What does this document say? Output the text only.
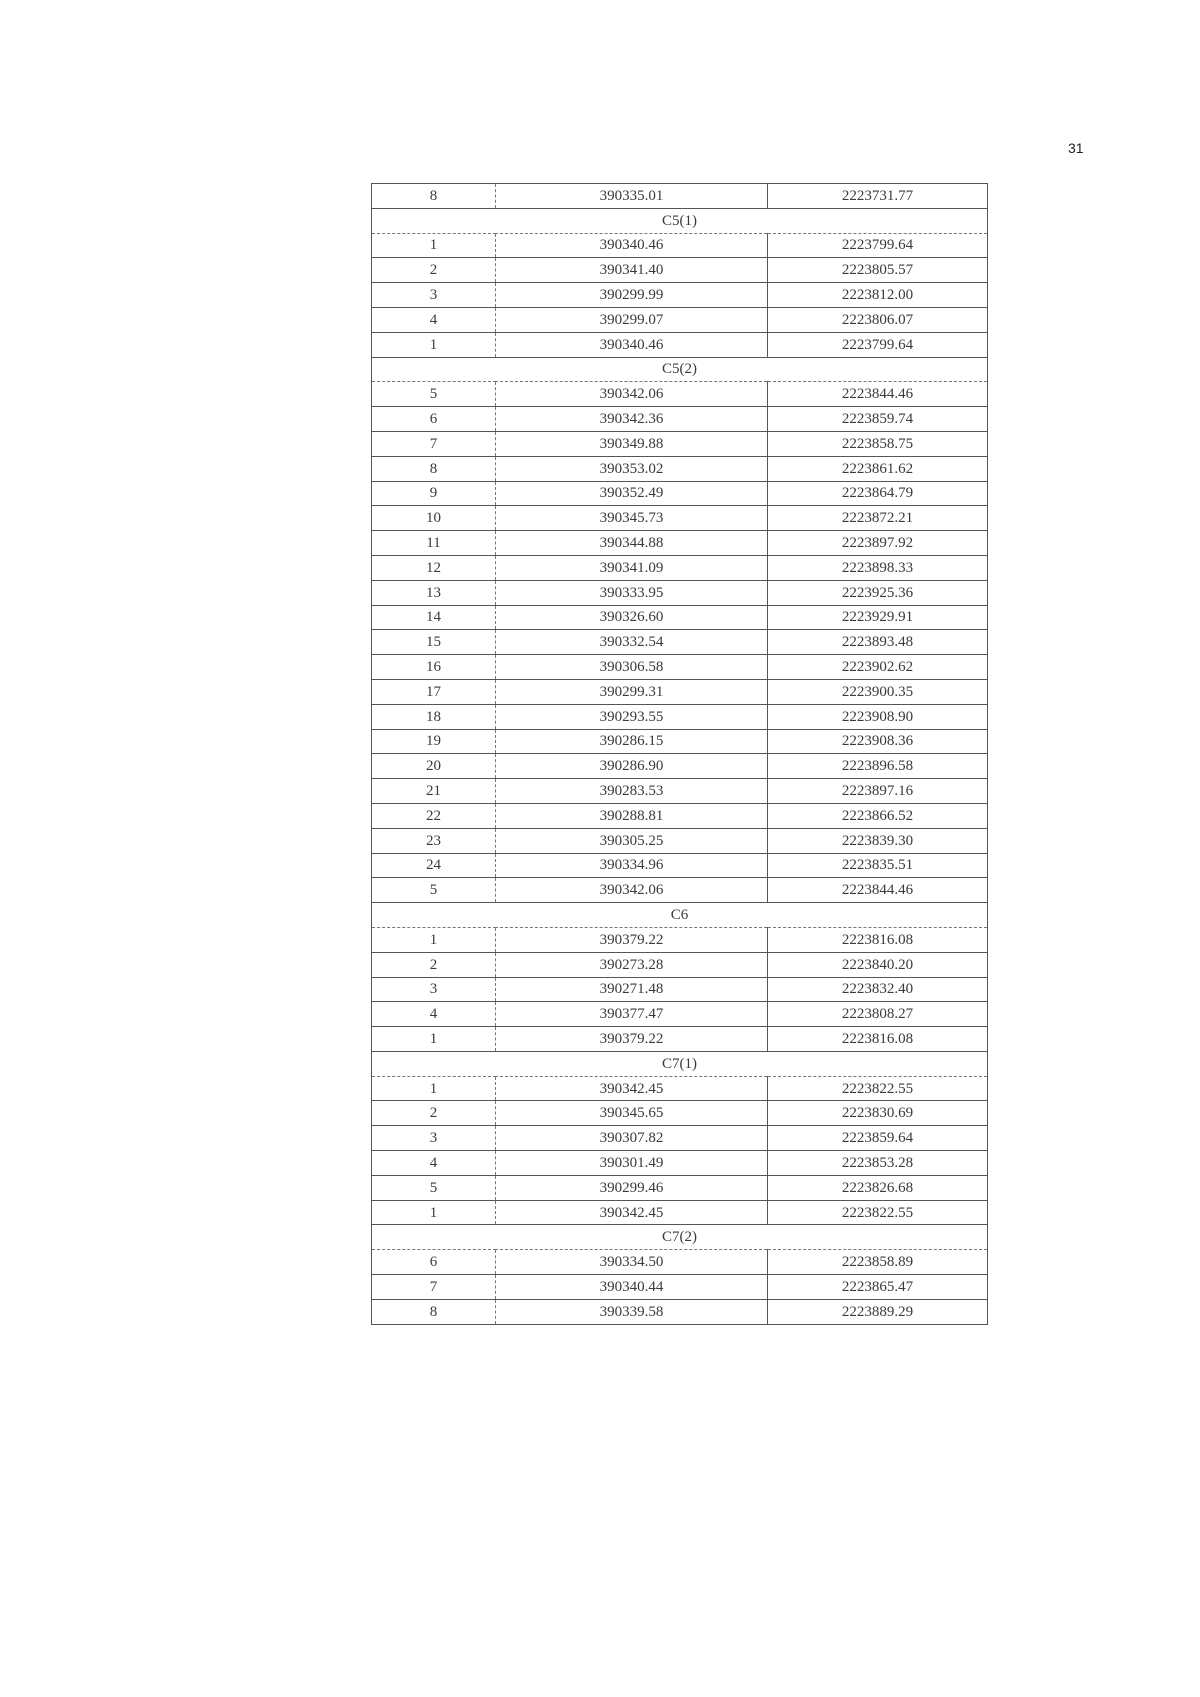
31
8	390335.01	2223731.77
C5(1)		
1	390340.46	2223799.64
2	390341.40	2223805.57
3	390299.99	2223812.00
4	390299.07	2223806.07
1	390340.46	2223799.64
C5(2)		
5	390342.06	2223844.46
6	390342.36	2223859.74
7	390349.88	2223858.75
8	390353.02	2223861.62
9	390352.49	2223864.79
10	390345.73	2223872.21
11	390344.88	2223897.92
12	390341.09	2223898.33
13	390333.95	2223925.36
14	390326.60	2223929.91
15	390332.54	2223893.48
16	390306.58	2223902.62
17	390299.31	2223900.35
18	390293.55	2223908.90
19	390286.15	2223908.36
20	390286.90	2223896.58
21	390283.53	2223897.16
22	390288.81	2223866.52
23	390305.25	2223839.30
24	390334.96	2223835.51
5	390342.06	2223844.46
C6		
1	390379.22	2223816.08
2	390273.28	2223840.20
3	390271.48	2223832.40
4	390377.47	2223808.27
1	390379.22	2223816.08
C7(1)		
1	390342.45	2223822.55
2	390345.65	2223830.69
3	390307.82	2223859.64
4	390301.49	2223853.28
5	390299.46	2223826.68
1	390342.45	2223822.55
C7(2)		
6	390334.50	2223858.89
7	390340.44	2223865.47
8	390339.58	2223889.29
